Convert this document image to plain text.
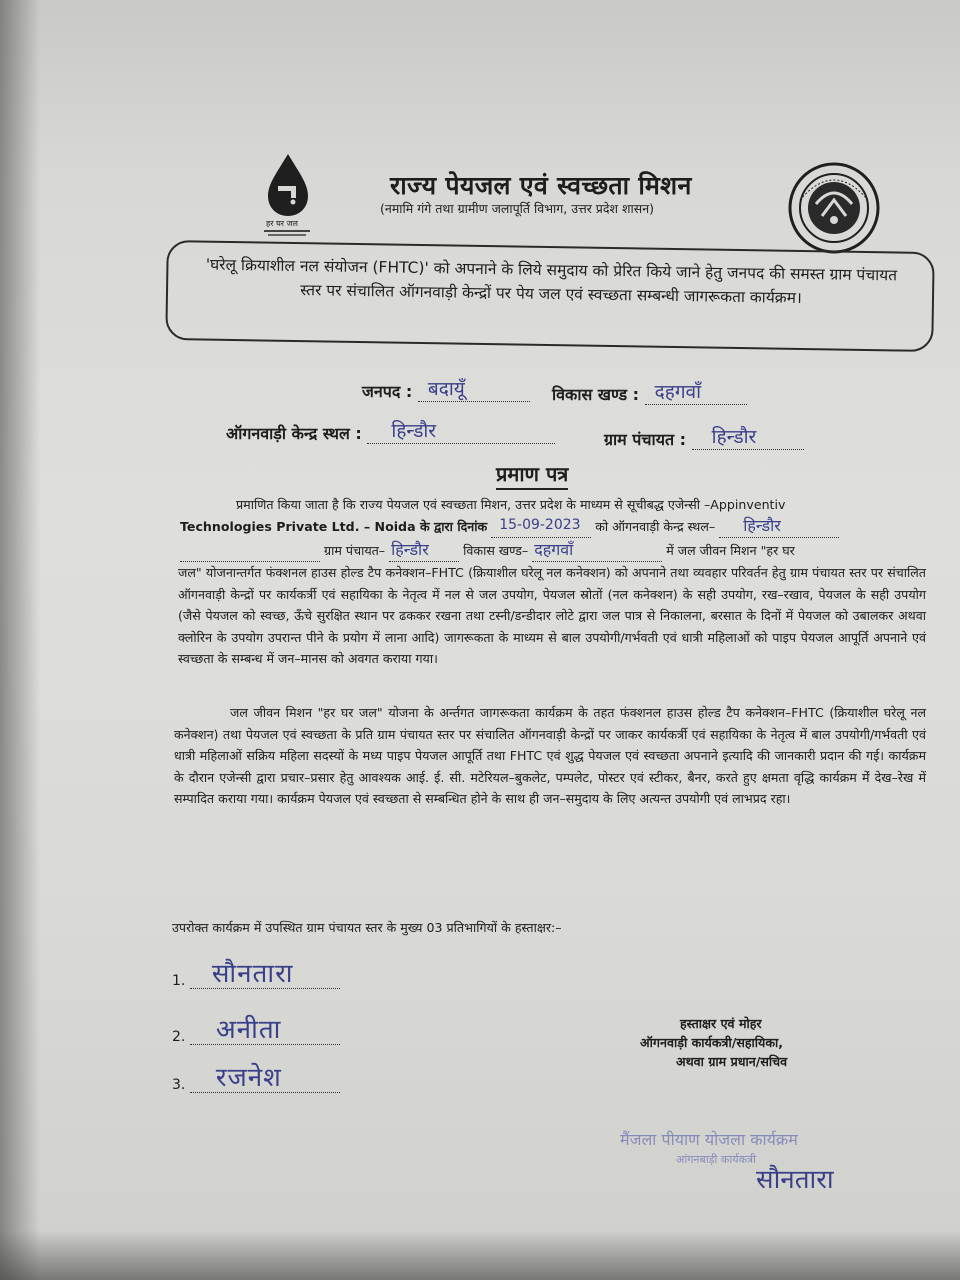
हर घर जल
राज्य पेयजल एवं स्वच्छता मिशन
(नमामि गंगे तथा ग्रामीण जलापूर्ति विभाग, उत्तर प्रदेश शासन)
'घरेलू क्रियाशील नल संयोजन (FHTC)' को अपनाने के लिये समुदाय को प्रेरित किये जाने हेतु जनपद की समस्त ग्राम पंचायत स्तर पर संचालित ऑगनवाड़ी केन्द्रों पर पेय जल एवं स्वच्छता सम्बन्धी जागरूकता कार्यक्रम।
जनपद : बदायूँ	विकास खण्ड : दहगवाँ
ऑगनवाड़ी केन्द्र स्थल : हिन्डौर	ग्राम पंचायत : हिन्डौर
प्रमाण पत्र
प्रमाणित किया जाता है कि राज्य पेयजल एवं स्वच्छता मिशन, उत्तर प्रदेश के माध्यम से सूचीबद्ध एजेन्सी –Appinventiv
Technologies Private Ltd. – Noida के द्वारा दिनांक 15-09-2023 को ऑगनवाड़ी केन्द्र स्थल– हिन्डौर
ग्राम पंचायत– हिन्डौर	विकास खण्ड– दहगवाँ	में जल जीवन मिशन "हर घर
जल" योजनान्तर्गत फंक्शनल हाउस होल्ड टैप कनेक्शन–FHTC (क्रियाशील घरेलू नल कनेक्शन) को अपनाने तथा व्यवहार परिवर्तन हेतु ग्राम पंचायत स्तर पर संचालित ऑगनवाड़ी केन्द्रों पर कार्यकर्त्री एवं सहायिका के नेतृत्व में नल से जल उपयोग, पेयजल स्रोतों (नल कनेक्शन) के सही उपयोग, रख–रखाव, पेयजल के सही उपयोग (जैसे पेयजल को स्वच्छ, ऊँचे सुरक्षित स्थान पर ढककर रखना तथा टस्नी/डन्डीदार लोटे द्वारा जल पात्र से निकालना, बरसात के दिनों में पेयजल को उबालकर अथवा क्लोरिन के उपयोग उपरान्त पीने के प्रयोग में लाना आदि) जागरूकता के माध्यम से बाल उपयोगी/गर्भवती एवं धात्री महिलाओं को पाइप पेयजल आपूर्ति अपनाने एवं स्वच्छता के सम्बन्ध में जन–मानस को अवगत कराया गया।
जल जीवन मिशन "हर घर जल" योजना के अर्न्तगत जागरूकता कार्यक्रम के तहत फंक्शनल हाउस होल्ड टैप कनेक्शन–FHTC (क्रियाशील घरेलू नल कनेक्शन) तथा पेयजल एवं स्वच्छता के प्रति ग्राम पंचायत स्तर पर संचालित ऑगनवाड़ी केन्द्रों पर जाकर कार्यकर्त्री एवं सहायिका के नेतृत्व में बाल उपयोगी/गर्भवती एवं धात्री महिलाओं सक्रिय महिला सदस्यों के मध्य पाइप पेयजल आपूर्ति तथा FHTC एवं शुद्ध पेयजल एवं स्वच्छता अपनाने इत्यादि की जानकारी प्रदान की गई। कार्यक्रम के दौरान एजेन्सी द्वारा प्रचार–प्रसार हेतु आवश्यक आई. ई. सी. मटेरियल–बुकलेट, पम्पलेट, पोस्टर एवं स्टीकर, बैनर, करते हुए क्षमता वृद्धि कार्यक्रम मेंं देख–रेख में सम्पादित कराया गया। कार्यक्रम पेयजल एवं स्वच्छता से सम्बन्धित होने के साथ ही जन–समुदाय के लिए अत्यन्त उपयोगी एवं लाभप्रद रहा।
उपरोक्त कार्यक्रम में उपस्थित ग्राम पंचायत स्तर के मुख्य 03 प्रतिभागियों के हस्ताक्षर:–
1. सौनतारा
2. अनीता
3. रजनेश
हस्ताक्षर एवं मोहर
ऑगनवाड़ी कार्यकत्री/सहायिका,
अथवा ग्राम प्रधान/सचिव
मैंजला पीयाण योजला कार्यक्रम
आंगनबाड़ी कार्यकत्री
सौनतारा
